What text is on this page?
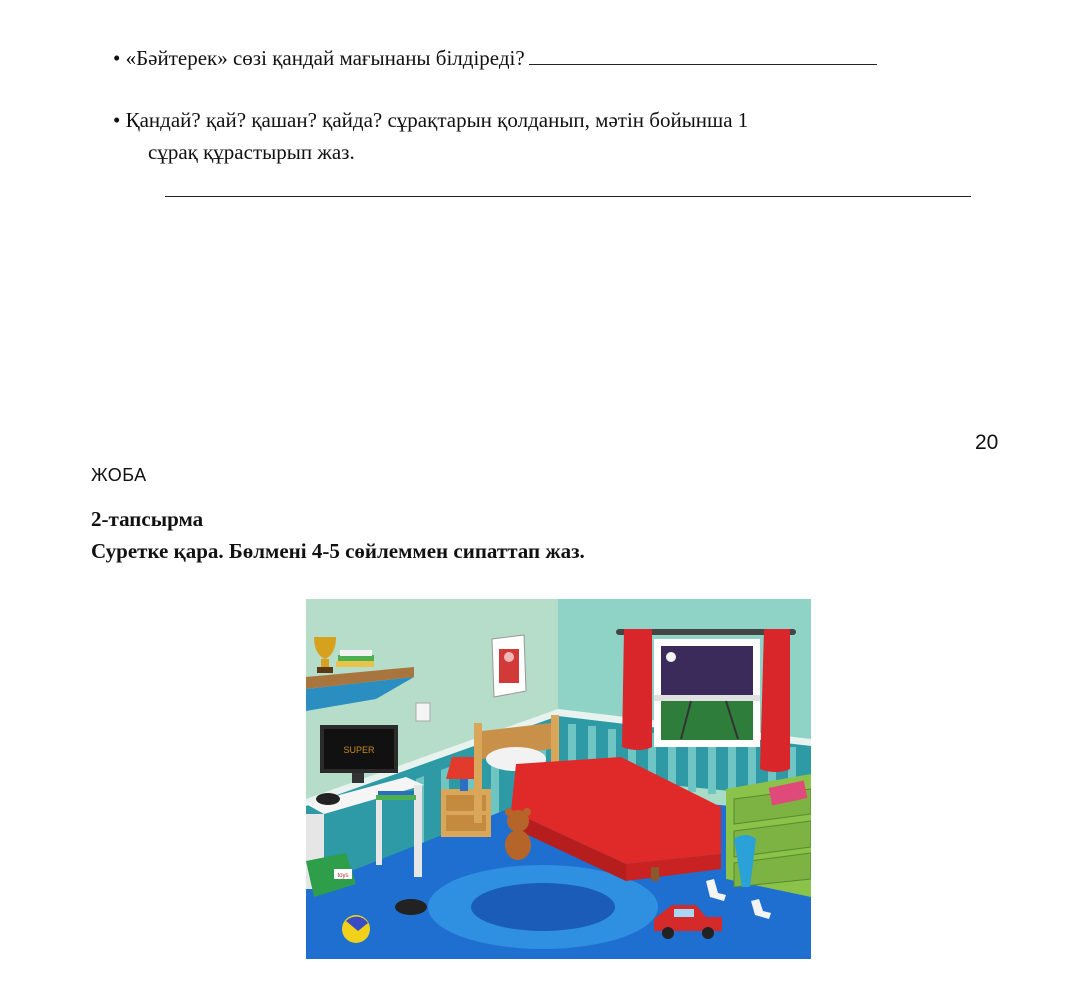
• «Бәйтерек» сөзі қандай мағынаны білдіреді?
• Қандай? қай? қашан? қайда? сұрақтарын қолданып, мәтін бойынша 1
сұрақ құрастырып жаз.
20
ЖОБА
2-тапсырма
Суретке қара. Бөлмені 4-5 сөйлеммен сипаттап жаз.
SUPER
toys
